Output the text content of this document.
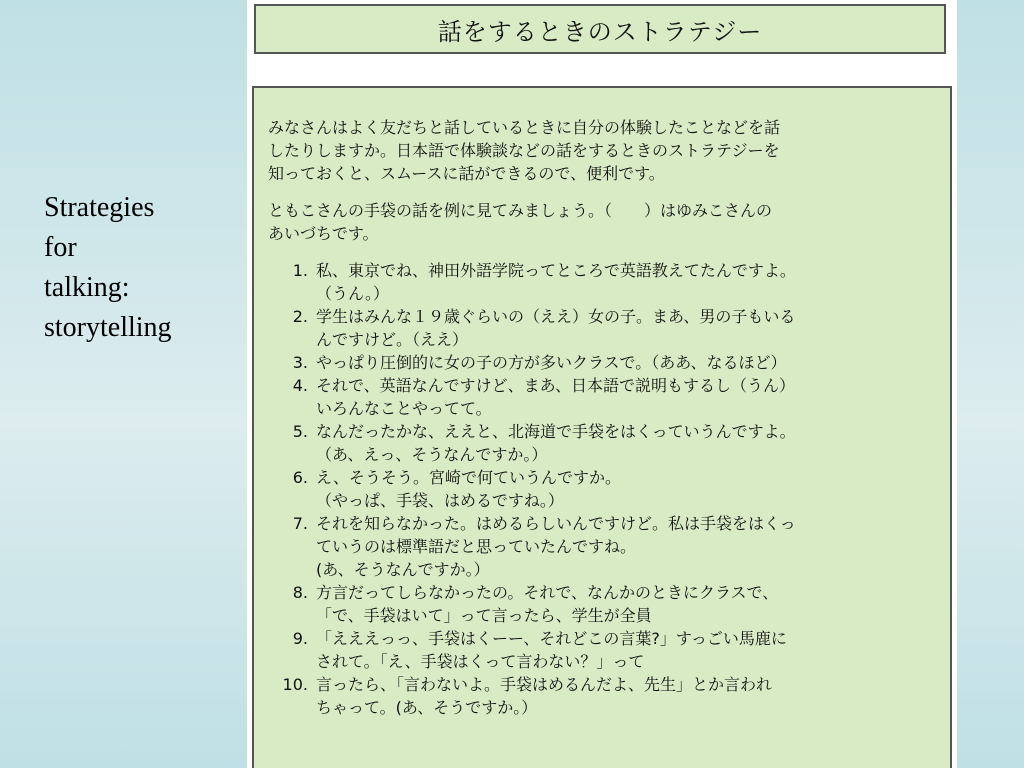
Strategies
for
talking:
storytelling
話をするときのストラテジー

みなさんはよく友だちと話しているときに自分の体験したことなどを話
したりしますか。日本語で体験談などの話をするときのストラテジーを
知っておくと、スムースに話ができるので、便利です。

ともこさんの手袋の話を例に見てみましょう。（　　）はゆみこさんの
あいづちです。

1. 私、東京でね、神田外語学院ってところで英語教えてたんですよ。
（うん。）
2. 学生はみんな１９歳ぐらいの（ええ）女の子。まあ、男の子もいる
んですけど。（ええ）
3. やっぱり圧倒的に女の子の方が多いクラスで。（ああ、なるほど）
4. それで、英語なんですけど、まあ、日本語で説明もするし（うん）
いろんなことやってて。
5. なんだったかな、ええと、北海道で手袋をはくっていうんですよ。
（あ、えっ、そうなんですか。）
6. え、そうそう。宮崎で何ていうんですか。
（やっぱ、手袋、はめるですね。）
7. それを知らなかった。はめるらしいんですけど。私は手袋をはくっ
ていうのは標準語だと思っていたんですね。
(あ、そうなんですか。）
8. 方言だってしらなかったの。それで、なんかのときにクラスで、
「で、手袋はいて」って言ったら、学生が全員
9. 「えええっっ、手袋はくーー、それどこの言葉?」すっごい馬鹿に
されて。「え、手袋はくって言わない？」って
10. 言ったら、「言わないよ。手袋はめるんだよ、先生」とか言われ
ちゃって。(あ、そうですか。）
